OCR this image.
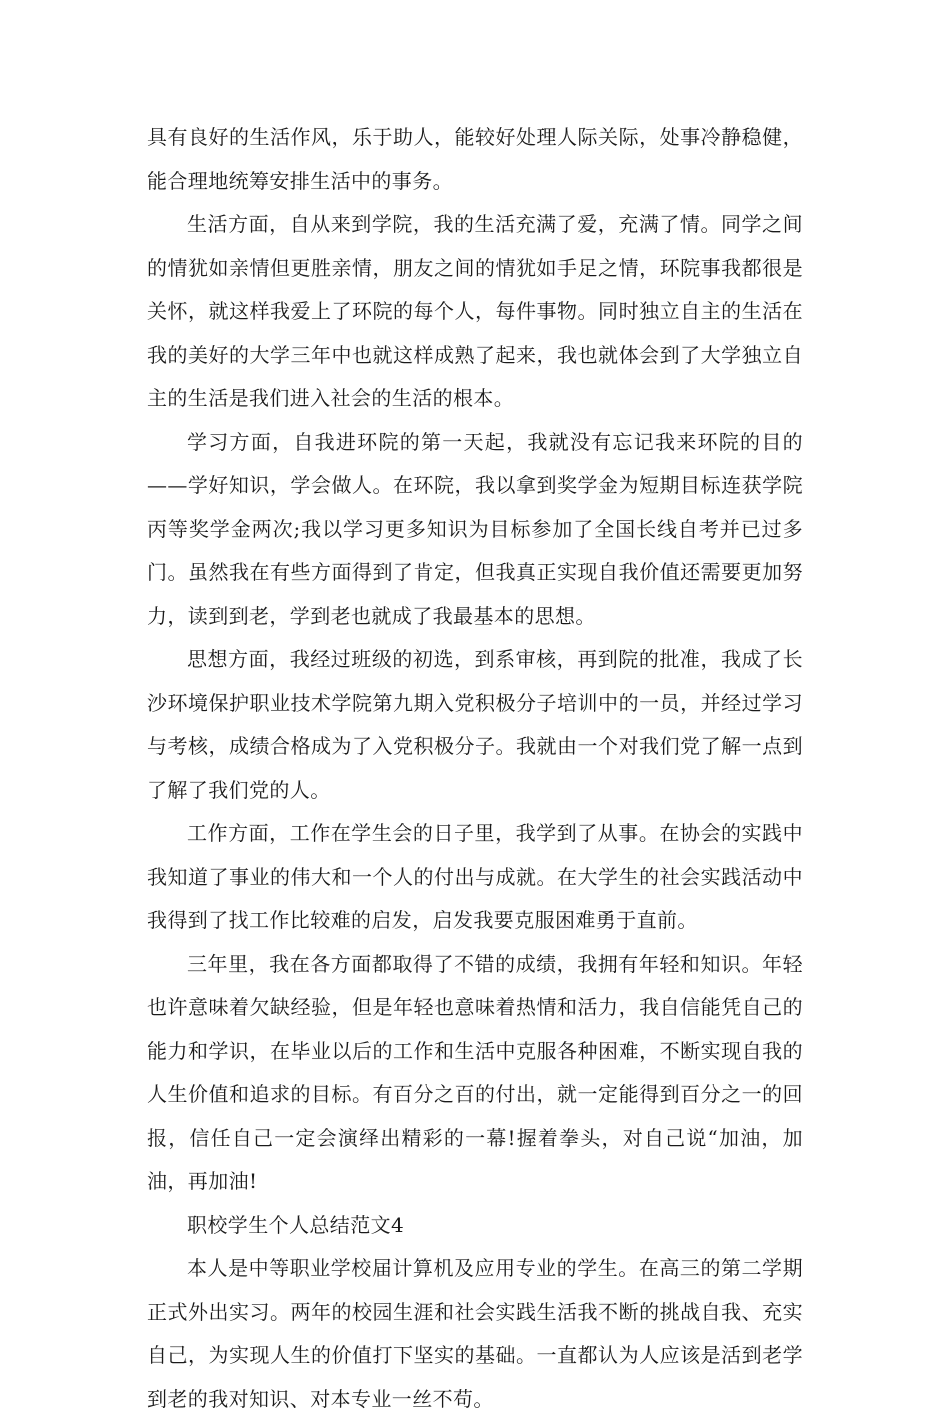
具有良好的生活作风，乐于助人，能较好处理人际关际，处事冷静稳健，能合理地统筹安排生活中的事务。

生活方面，自从来到学院，我的生活充满了爱，充满了情。同学之间的情犹如亲情但更胜亲情，朋友之间的情犹如手足之情，环院事我都很是关怀，就这样我爱上了环院的每个人，每件事物。同时独立自主的生活在我的美好的大学三年中也就这样成熟了起来，我也就体会到了大学独立自主的生活是我们进入社会的生活的根本。

学习方面，自我进环院的第一天起，我就没有忘记我来环院的目的——学好知识，学会做人。在环院，我以拿到奖学金为短期目标连获学院丙等奖学金两次;我以学习更多知识为目标参加了全国长线自考并已过多门。虽然我在有些方面得到了肯定，但我真正实现自我价值还需要更加努力，读到到老，学到老也就成了我最基本的思想。

思想方面，我经过班级的初选，到系审核，再到院的批准，我成了长沙环境保护职业技术学院第九期入党积极分子培训中的一员，并经过学习与考核，成绩合格成为了入党积极分子。我就由一个对我们党了解一点到了解了我们党的人。

工作方面，工作在学生会的日子里，我学到了从事。在协会的实践中我知道了事业的伟大和一个人的付出与成就。在大学生的社会实践活动中我得到了找工作比较难的启发，启发我要克服困难勇于直前。

三年里，我在各方面都取得了不错的成绩，我拥有年轻和知识。年轻也许意味着欠缺经验，但是年轻也意味着热情和活力，我自信能凭自己的能力和学识，在毕业以后的工作和生活中克服各种困难，不断实现自我的人生价值和追求的目标。有百分之百的付出，就一定能得到百分之一的回报，信任自己一定会演绎出精彩的一幕!握着拳头，对自己说“加油，加油，再加油!

职校学生个人总结范文4

本人是中等职业学校届计算机及应用专业的学生。在高三的第二学期正式外出实习。两年的校园生涯和社会实践生活我不断的挑战自我、充实自己，为实现人生的价值打下坚实的基础。一直都认为人应该是活到老学到老的我对知识、对本专业一丝不苟。
